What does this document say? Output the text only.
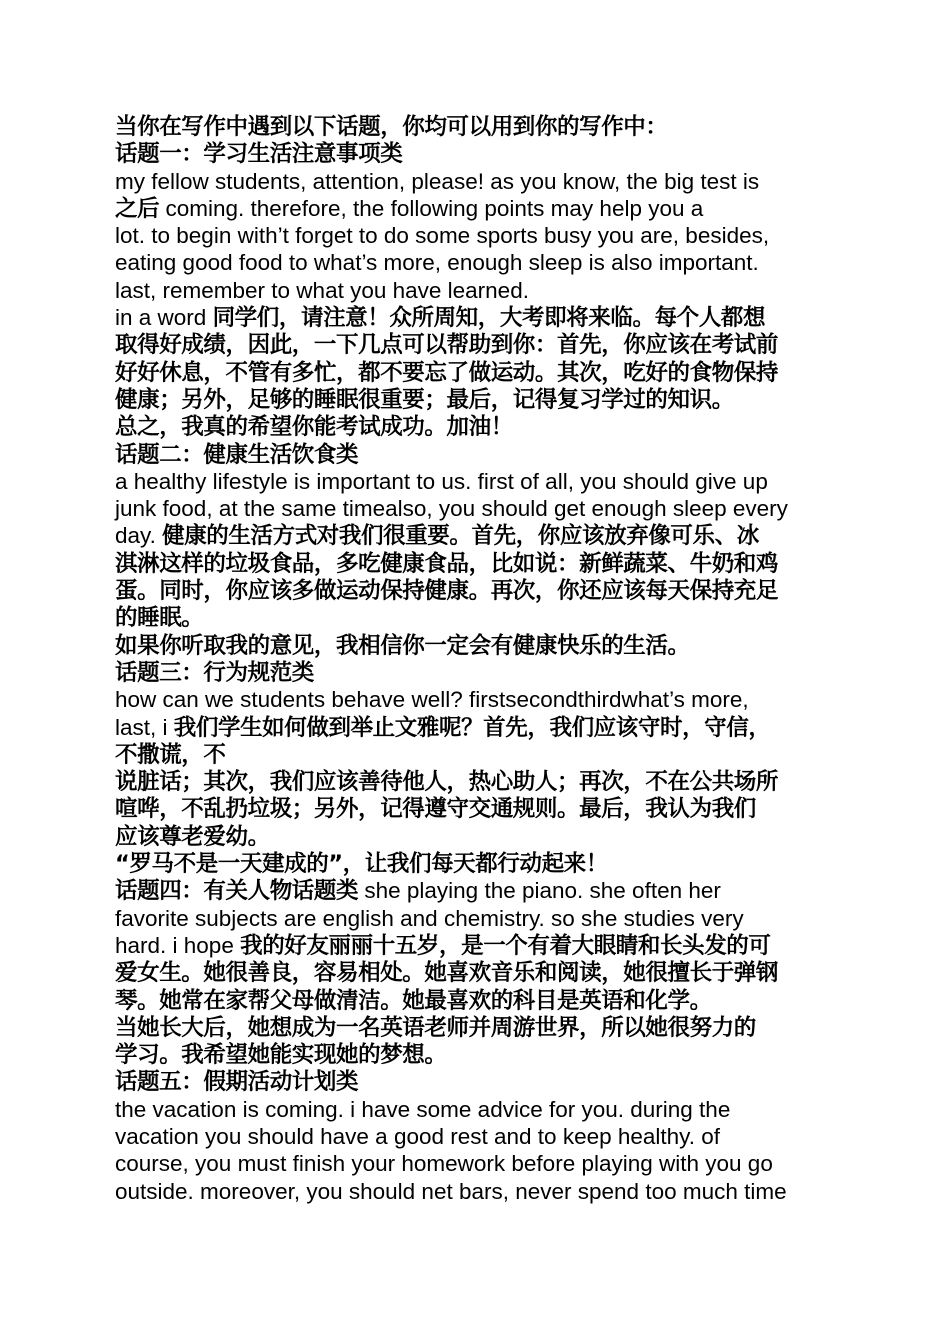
当你在写作中遇到以下话题，你均可以用到你的写作中：
话题一：学习生活注意事项类
my fellow students, attention, please! as you know, the big test is
之后 coming. therefore, the following points may help you a
lot. to begin with’t forget to do some sports busy you are, besides,
eating good food to what’s more, enough sleep is also important.
last, remember to what you have learned.
in a word 同学们，请注意！众所周知，大考即将来临。每个人都想
取得好成绩，因此，一下几点可以帮助到你：首先，你应该在考试前
好好休息，不管有多忙，都不要忘了做运动。其次，吃好的食物保持
健康；另外，足够的睡眠很重要；最后，记得复习学过的知识。
总之，我真的希望你能考试成功。加油！
话题二：健康生活饮食类
a healthy lifestyle is important to us. first of all, you should give up
junk food, at the same timealso, you should get enough sleep every
day. 健康的生活方式对我们很重要。首先，你应该放弃像可乐、冰
淇淋这样的垃圾食品，多吃健康食品，比如说：新鲜蔬菜、牛奶和鸡
蛋。同时，你应该多做运动保持健康。再次，你还应该每天保持充足
的睡眠。
如果你听取我的意见，我相信你一定会有健康快乐的生活。
话题三：行为规范类
how can we students behave well? firstsecondthirdwhat’s more,
last, i 我们学生如何做到举止文雅呢？首先，我们应该守时，守信，
不撒谎，不
说脏话；其次，我们应该善待他人，热心助人；再次，不在公共场所
喧哗，不乱扔垃圾；另外，记得遵守交通规则。最后，我认为我们
应该尊老爱幼。
“罗马不是一天建成的”，让我们每天都行动起来！
话题四：有关人物话题类 she playing the piano. she often her
favorite subjects are english and chemistry. so she studies very
hard. i hope 我的好友丽丽十五岁，是一个有着大眼睛和长头发的可
爱女生。她很善良，容易相处。她喜欢音乐和阅读，她很擅长于弹钢
琴。她常在家帮父母做清洁。她最喜欢的科目是英语和化学。
当她长大后，她想成为一名英语老师并周游世界，所以她很努力的
学习。我希望她能实现她的梦想。
话题五：假期活动计划类
the vacation is coming. i have some advice for you. during the
vacation you should have a good rest and to keep healthy. of
course, you must finish your homework before playing with you go
outside. moreover, you should net bars, never spend too much time
